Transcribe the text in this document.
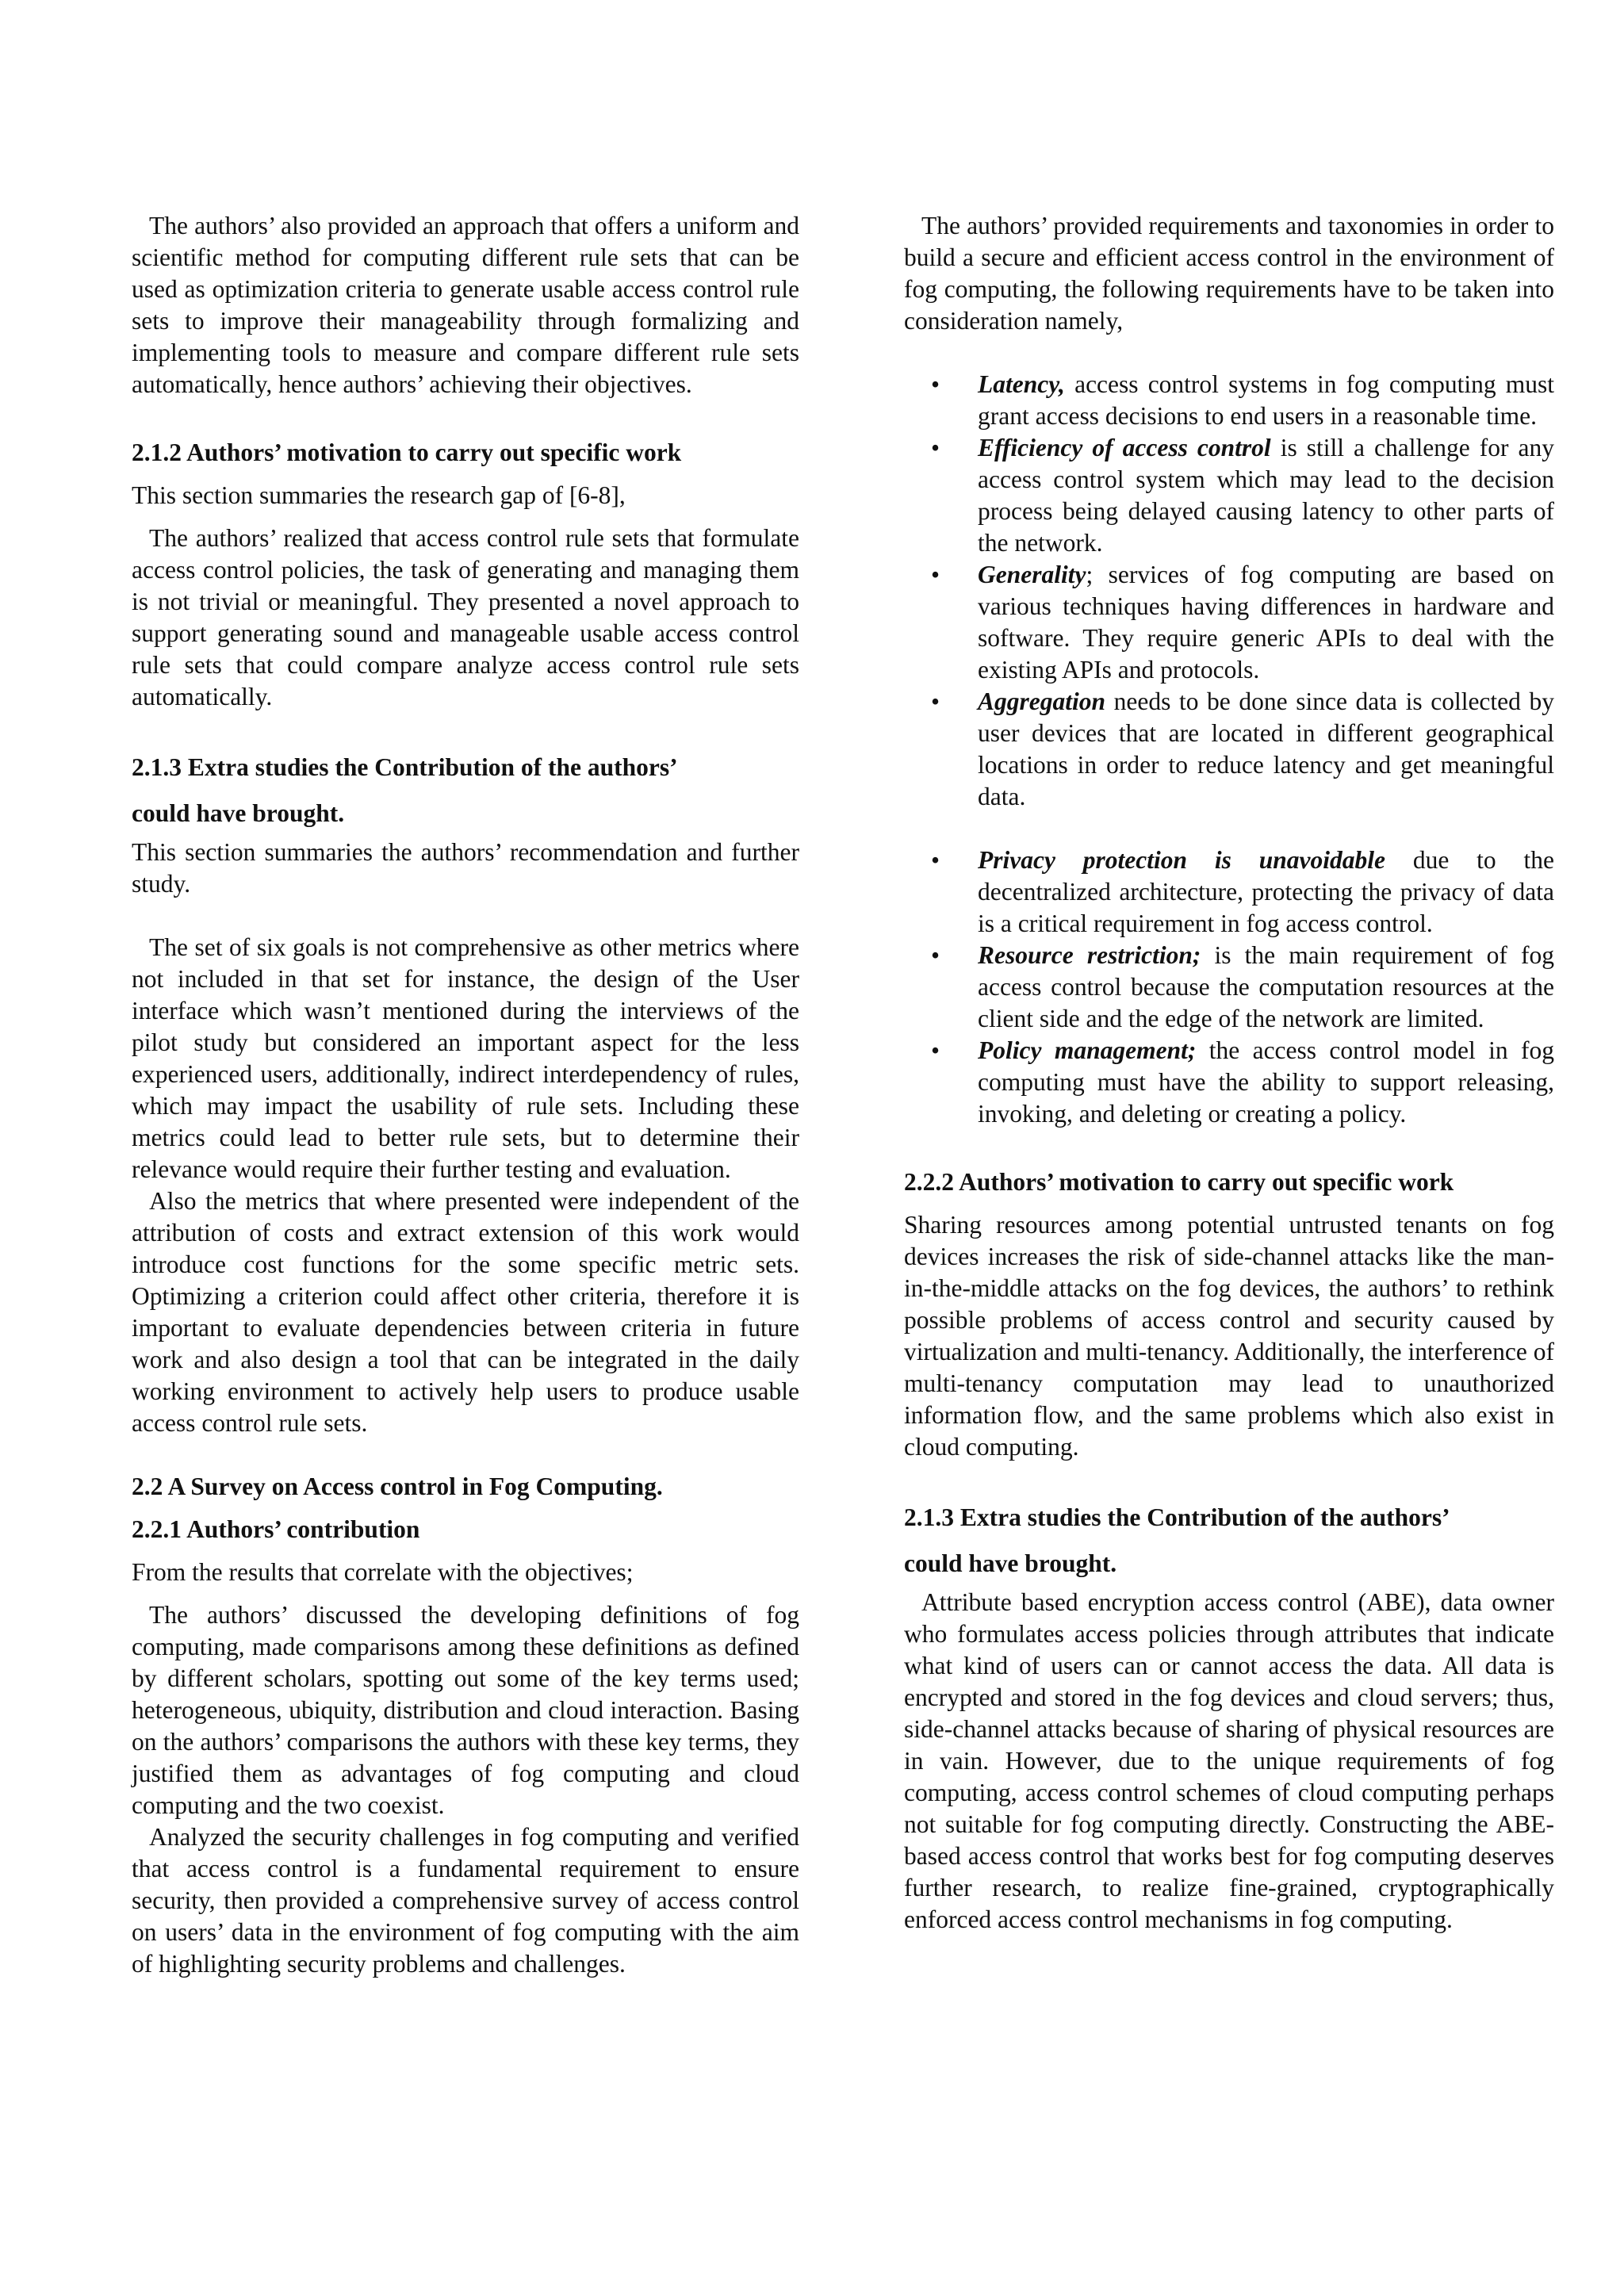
The authors’ also provided an approach that offers a uniform and scientific method for computing different rule sets that can be used as optimization criteria to generate usable access control rule sets to improve their manageability through formalizing and implementing tools to measure and compare different rule sets automatically, hence authors’ achieving their objectives.

2.1.2 Authors’ motivation to carry out specific work

This section summaries the research gap of [6-8],

The authors’ realized that access control rule sets that formulate access control policies, the task of generating and managing them is not trivial or meaningful. They presented a novel approach to support generating sound and manageable usable access control rule sets that could compare analyze access control rule sets automatically.

2.1.3 Extra studies the Contribution of the authors’
could have brought.

This section summaries the authors’ recommendation and further study.

The set of six goals is not comprehensive as other metrics where not included in that set for instance, the design of the User interface which wasn’t mentioned during the interviews of the pilot study but considered an important aspect for the less experienced users, additionally, indirect interdependency of rules, which may impact the usability of rule sets. Including these metrics could lead to better rule sets, but to determine their relevance would require their further testing and evaluation.

Also the metrics that where presented were independent of the attribution of costs and extract extension of this work would introduce cost functions for the some specific metric sets. Optimizing a criterion could affect other criteria, therefore it is important to evaluate dependencies between criteria in future work and also design a tool that can be integrated in the daily working environment to actively help users to produce usable access control rule sets.

2.2 A Survey on Access control in Fog Computing.
2.2.1 Authors’ contribution

From the results that correlate with the objectives;

The authors’ discussed the developing definitions of fog computing, made comparisons among these definitions as defined by different scholars, spotting out some of the key terms used; heterogeneous, ubiquity, distribution and cloud interaction. Basing on the authors’ comparisons the authors with these key terms, they justified them as advantages of fog computing and cloud computing and the two coexist.

Analyzed the security challenges in fog computing and verified that access control is a fundamental requirement to ensure security, then provided a comprehensive survey of access control on users’ data in the environment of fog computing with the aim of highlighting security problems and challenges.

The authors’ provided requirements and taxonomies in order to build a secure and efficient access control in the environment of fog computing, the following requirements have to be taken into consideration namely,

• Latency, access control systems in fog computing must grant access decisions to end users in a reasonable time.
• Efficiency of access control is still a challenge for any access control system which may lead to the decision process being delayed causing latency to other parts of the network.
• Generality; services of fog computing are based on various techniques having differences in hardware and software. They require generic APIs to deal with the existing APIs and protocols.
• Aggregation needs to be done since data is collected by user devices that are located in different geographical locations in order to reduce latency and get meaningful data.
• Privacy protection is unavoidable due to the decentralized architecture, protecting the privacy of data is a critical requirement in fog access control.
• Resource restriction; is the main requirement of fog access control because the computation resources at the client side and the edge of the network are limited.
• Policy management; the access control model in fog computing must have the ability to support releasing, invoking, and deleting or creating a policy.
2.2.2 Authors’ motivation to carry out specific work

Sharing resources among potential untrusted tenants on fog devices increases the risk of side-channel attacks like the man-in-the-middle attacks on the fog devices, the authors’ to rethink possible problems of access control and security caused by virtualization and multi-tenancy. Additionally, the interference of multi-tenancy computation may lead to unauthorized information flow, and the same problems which also exist in cloud computing.

2.1.3 Extra studies the Contribution of the authors’
could have brought.

Attribute based encryption access control (ABE), data owner who formulates access policies through attributes that indicate what kind of users can or cannot access the data. All data is encrypted and stored in the fog devices and cloud servers; thus, side-channel attacks because of sharing of physical resources are in vain. However, due to the unique requirements of fog computing, access control schemes of cloud computing perhaps not suitable for fog computing directly. Constructing the ABE-based access control that works best for fog computing deserves further research, to realize fine-grained, cryptographically enforced access control mechanisms in fog computing.
